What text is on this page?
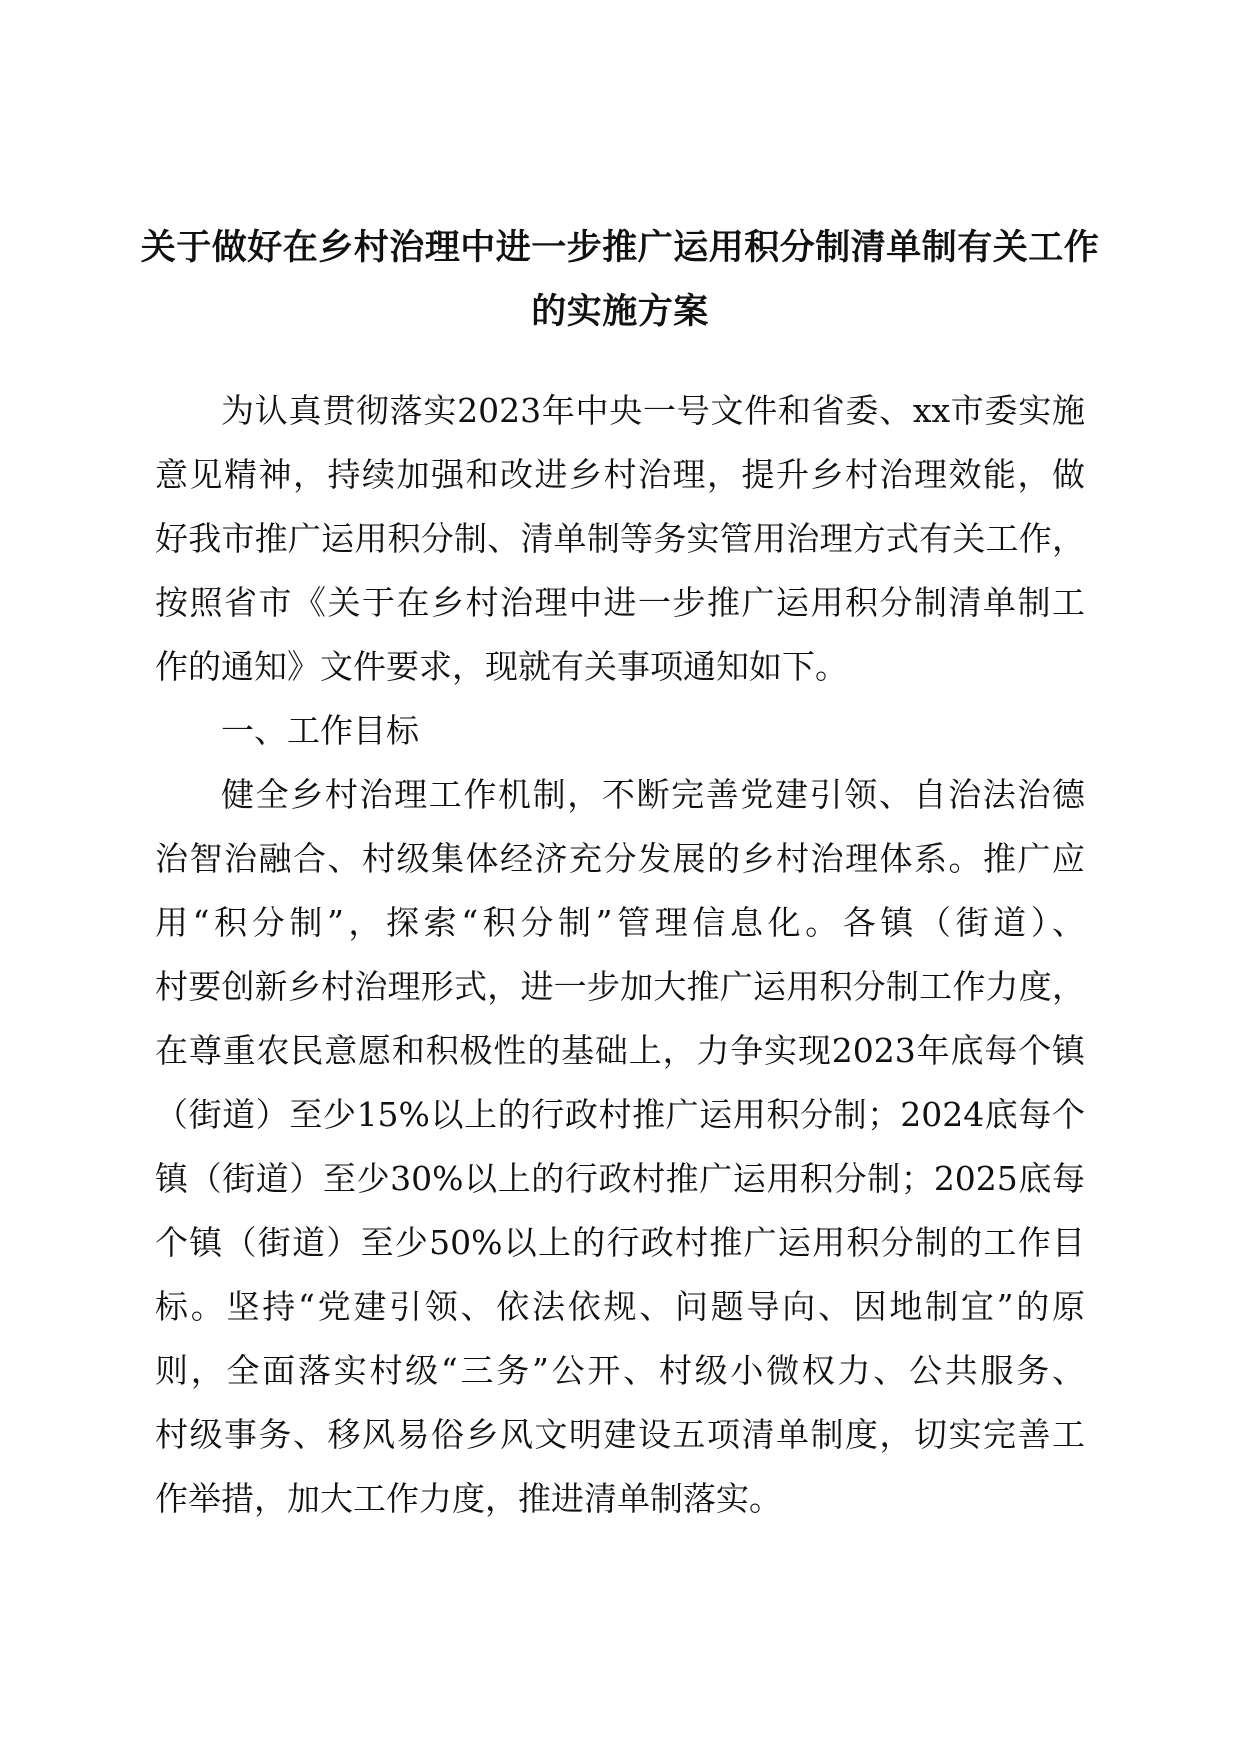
关于做好在乡村治理中进一步推广运用积分制清单制有关工作
的实施方案
为认真贯彻落实2023年中央一号文件和省委、xx市委实施
意见精神，持续加强和改进乡村治理，提升乡村治理效能，做
好我市推广运用积分制、清单制等务实管用治理方式有关工作，
按照省市《关于在乡村治理中进一步推广运用积分制清单制工
作的通知》文件要求，现就有关事项通知如下。
一、工作目标
健全乡村治理工作机制，不断完善党建引领、自治法治德
治智治融合、村级集体经济充分发展的乡村治理体系。推广应
用“积分制”，探索“积分制”管理信息化。各镇（街道）、
村要创新乡村治理形式，进一步加大推广运用积分制工作力度，
在尊重农民意愿和积极性的基础上，力争实现2023年底每个镇
（街道）至少15%以上的行政村推广运用积分制；2024底每个
镇（街道）至少30%以上的行政村推广运用积分制；2025底每
个镇（街道）至少50%以上的行政村推广运用积分制的工作目
标。坚持“党建引领、依法依规、问题导向、因地制宜”的原
则，全面落实村级“三务”公开、村级小微权力、公共服务、
村级事务、移风易俗乡风文明建设五项清单制度，切实完善工
作举措，加大工作力度，推进清单制落实。
